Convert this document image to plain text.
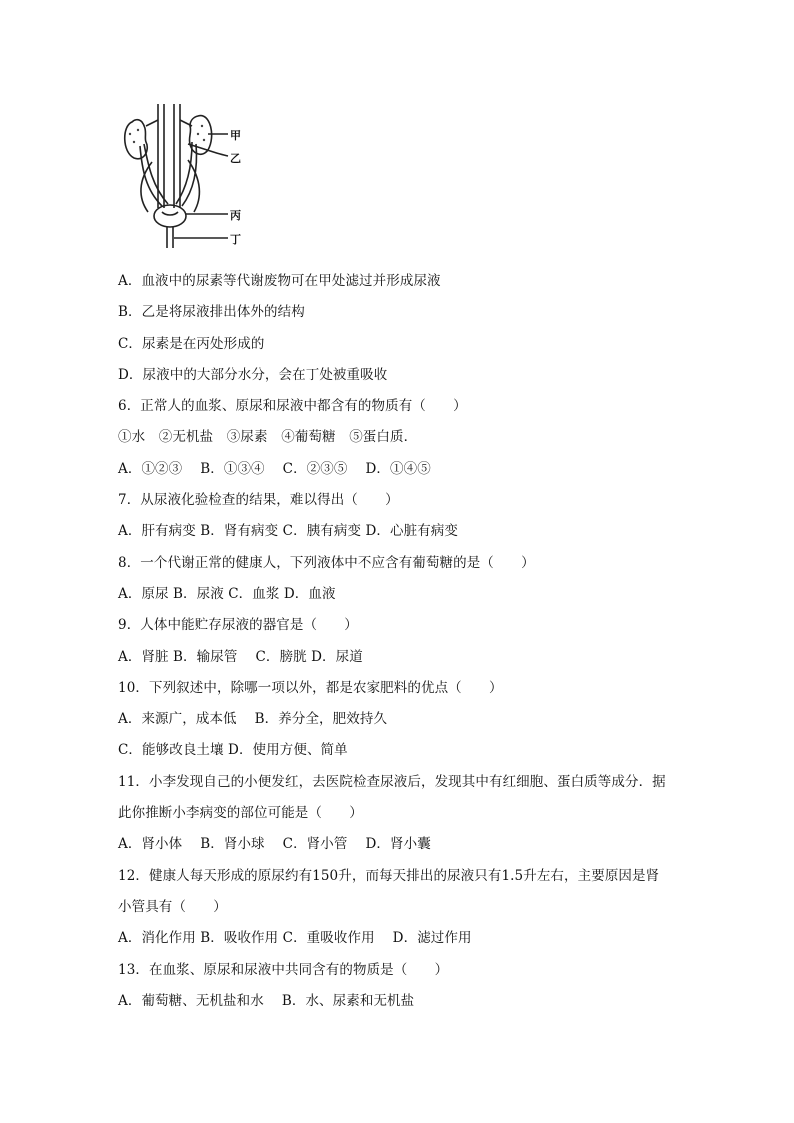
甲
乙
丙
丁
A．血液中的尿素等代谢废物可在甲处滤过并形成尿液
B．乙是将尿液排出体外的结构
C．尿素是在丙处形成的
D．尿液中的大部分水分，会在丁处被重吸收
6．正常人的血浆、原尿和尿液中都含有的物质有（　　）
①水　②无机盐　③尿素　④葡萄糖　⑤蛋白质．
A．①②③　 B．①③④　 C．②③⑤　 D．①④⑤
7．从尿液化验检查的结果，难以得出（　　）
A．肝有病变 B．肾有病变 C．胰有病变 D．心脏有病变
8．一个代谢正常的健康人，下列液体中不应含有葡萄糖的是（　　）
A．原尿 B．尿液 C．血浆 D．血液
9．人体中能贮存尿液的器官是（　　）
A．肾脏 B．输尿管　 C．膀胱 D．尿道
10．下列叙述中，除哪一项以外，都是农家肥料的优点（　　）
A．来源广，成本低　 B．养分全，肥效持久
C．能够改良土壤 D．使用方便、简单
11．小李发现自己的小便发红，去医院检查尿液后，发现其中有红细胞、蛋白质等成分．据
此你推断小李病变的部位可能是（　　）
A．肾小体　 B．肾小球　 C．肾小管　 D．肾小囊
12．健康人每天形成的原尿约有150升，而每天排出的尿液只有1.5升左右，主要原因是肾
小管具有（　　）
A．消化作用 B．吸收作用 C．重吸收作用　 D．滤过作用
13．在血浆、原尿和尿液中共同含有的物质是（　　）
A．葡萄糖、无机盐和水　 B．水、尿素和无机盐
